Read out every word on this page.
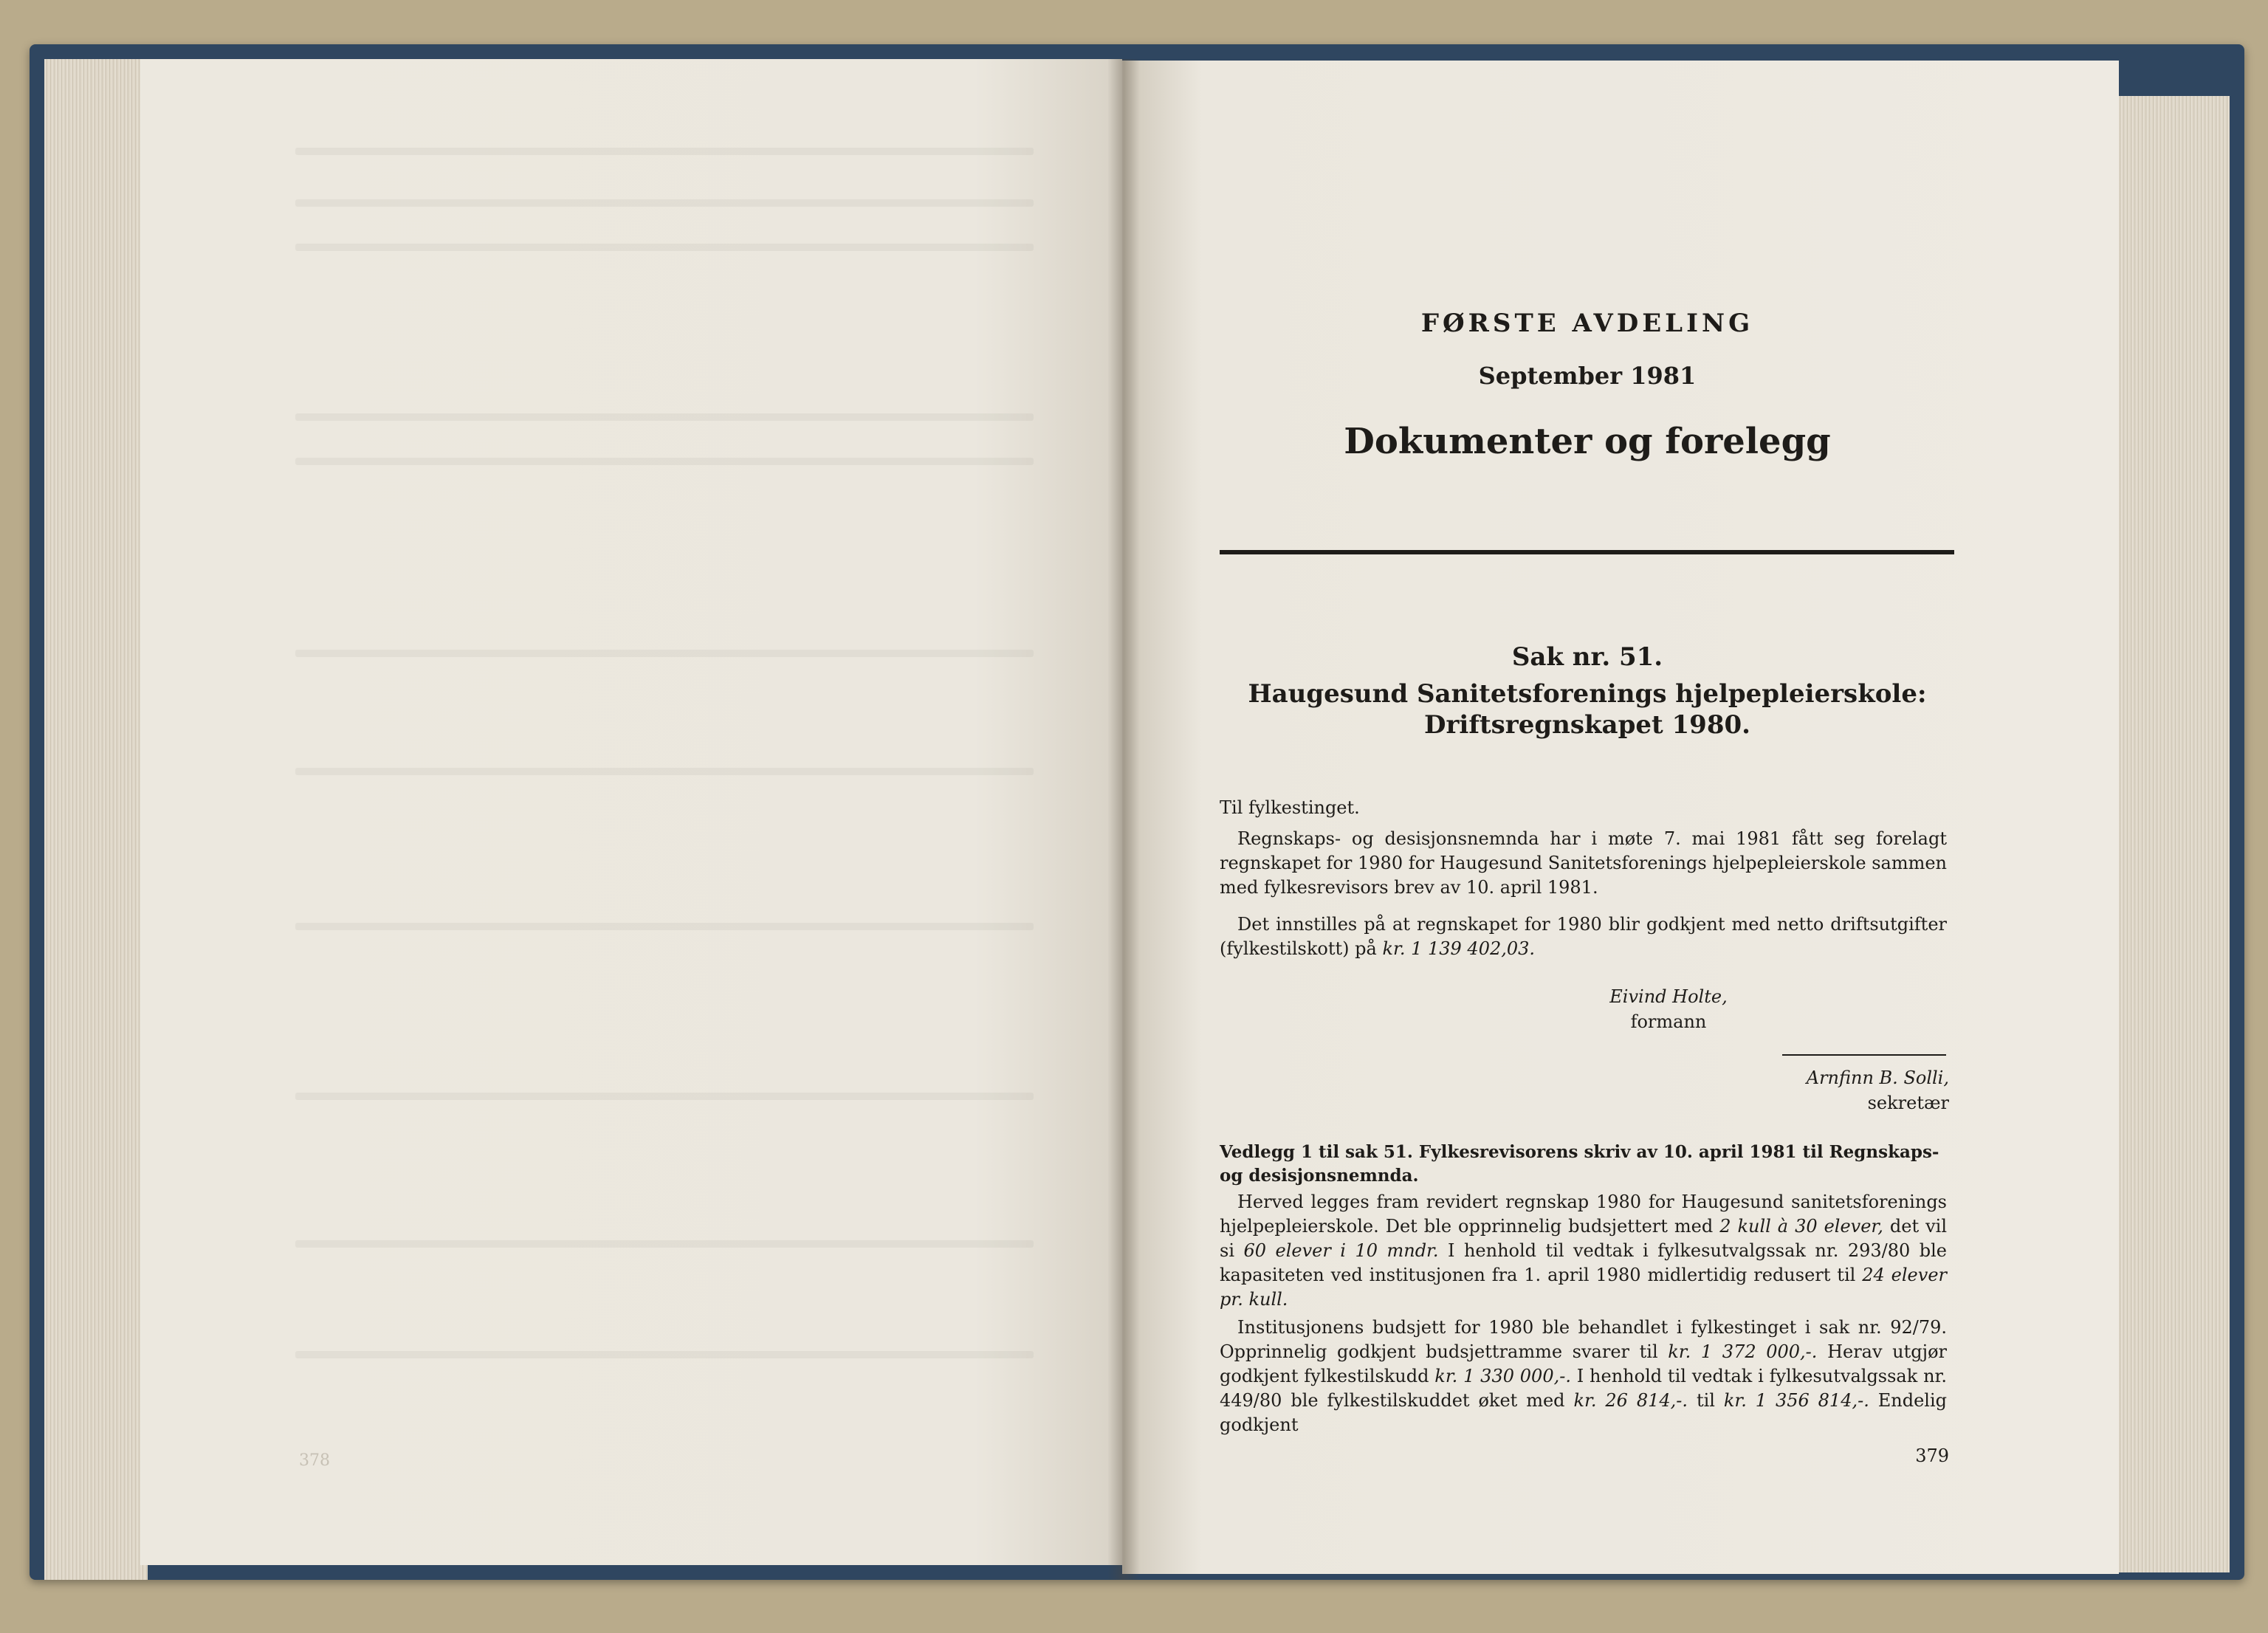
378
FØRSTE AVDELING
September 1981
Dokumenter og forelegg
Sak nr. 51.
Haugesund Sanitetsforenings hjelpepleierskole:
Driftsregnskapet 1980.
Til fylkestinget.
Regnskaps- og desisjonsnemnda har i møte 7. mai 1981 fått seg forelagt regnskapet for 1980 for Haugesund Sanitetsforenings hjelpepleierskole sammen med fylkesrevisors brev av 10. april 1981.
Det innstilles på at regnskapet for 1980 blir godkjent med netto driftsutgifter (fylkestilskott) på kr. 1 139 402,03.
Eivind Holte,
formann
Arnfinn B. Solli,
sekretær
Vedlegg 1 til sak 51. Fylkesrevisorens skriv av 10. april 1981 til Regnskaps- og desisjonsnemnda.
Herved legges fram revidert regnskap 1980 for Haugesund sanitetsforenings hjelpepleierskole. Det ble opprinnelig budsjettert med 2 kull à 30 elever, det vil si 60 elever i 10 mndr. I henhold til vedtak i fylkesutvalgssak nr. 293/80 ble kapasiteten ved institusjonen fra 1. april 1980 midlertidig redusert til 24 elever pr. kull.
Institusjonens budsjett for 1980 ble behandlet i fylkestinget i sak nr. 92/79. Opprinnelig godkjent budsjettramme svarer til kr. 1 372 000,-. Herav utgjør godkjent fylkestilskudd kr. 1 330 000,-. I henhold til vedtak i fylkesutvalgssak nr. 449/80 ble fylkestilskuddet øket med kr. 26 814,-. til kr. 1 356 814,-. Endelig godkjent
379
